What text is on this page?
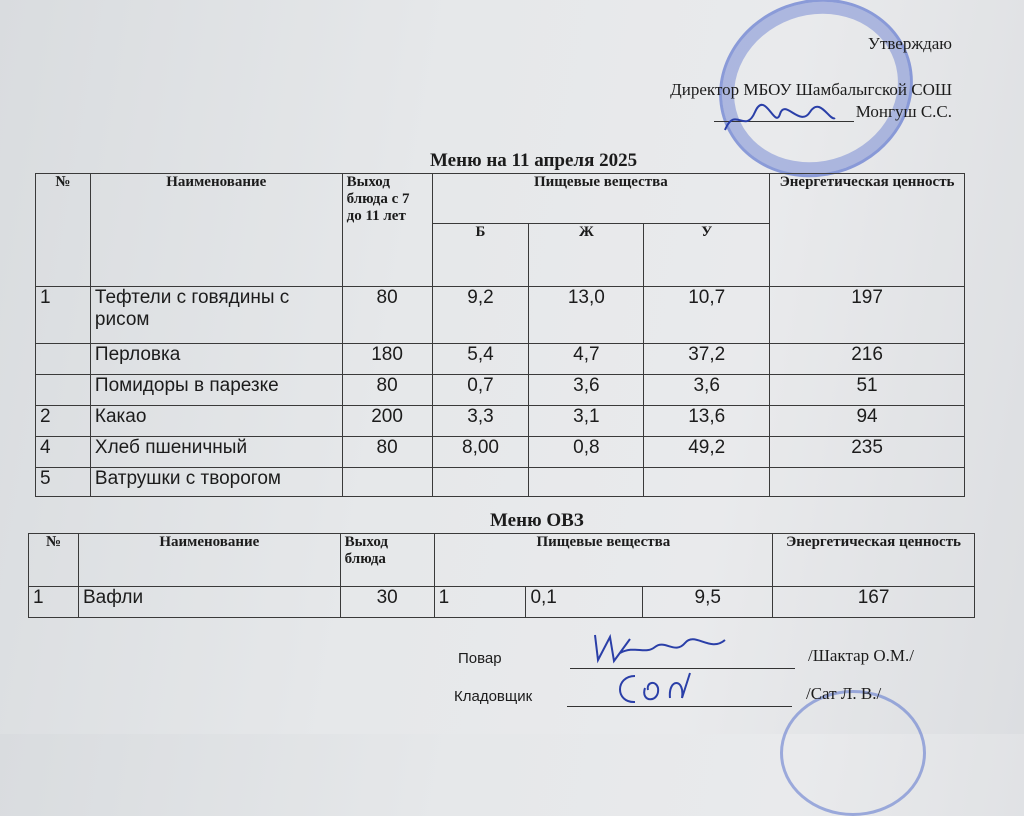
Утверждаю
Директор МБОУ Шамбалыгской СОШ
Монгуш С.С.
Меню на 11 апреля 2025
№	Наименование	Выход блюда с 7 до 11 лет	Пищевые вещества			Энергетическая ценность
			Б	Ж	У	
1	Тефтели с говядины с рисом	80	9,2	13,0	10,7	197
	Перловка	180	5,4	4,7	37,2	216
	Помидоры в парезке	80	0,7	3,6	3,6	51
2	Какао	200	3,3	3,1	13,6	94
4	Хлеб пшеничный	80	8,00	0,8	49,2	235
5	Ватрушки с творогом					
Меню ОВЗ
№	Наименование	Выход блюда	Пищевые вещества			Энергетическая ценность
1	Вафли	30	1	0,1	9,5	167
Повар	/Шактар О.М./
Кладовщик	/Сат Л. В./
